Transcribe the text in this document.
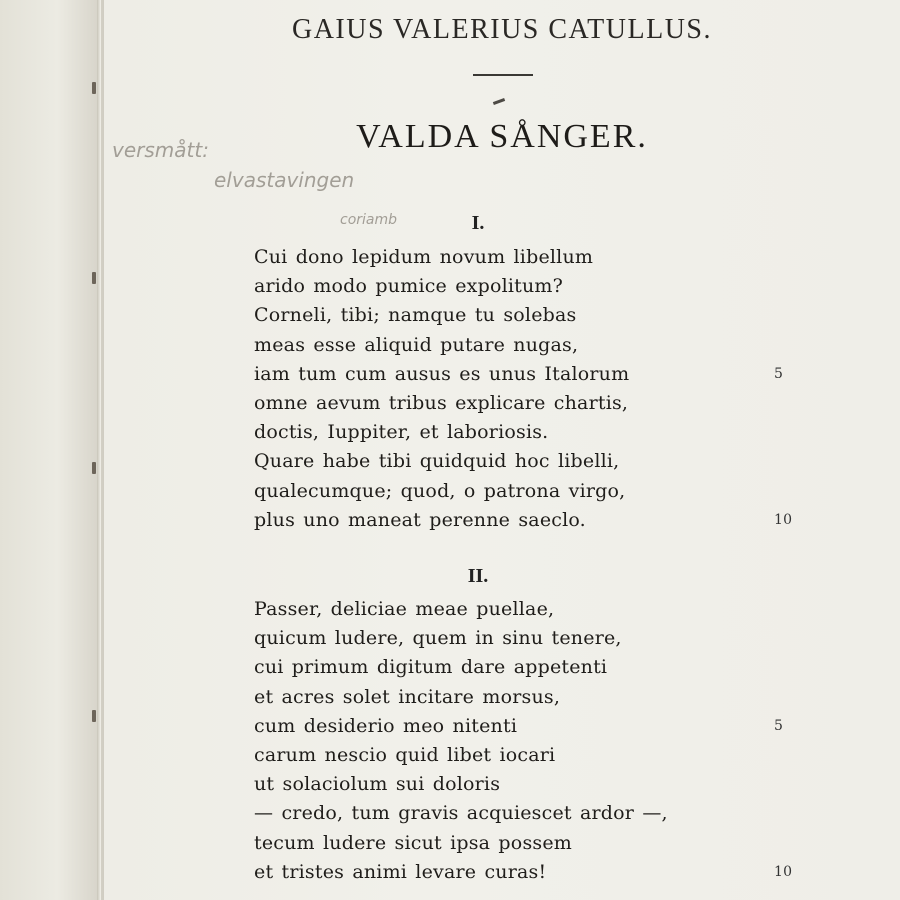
GAIUS VALERIUS CATULLUS.
VALDA SÅNGER.
versmått:
elvastavingen
coriamb	I.
Cui dono lepidum novum libellum
arido modo pumice expolitum?
Corneli, tibi; namque tu solebas
meas esse aliquid putare nugas,
iam tum cum ausus es unus Italorum	5
omne aevum tribus explicare chartis,
doctis, Iuppiter, et laboriosis.
Quare habe tibi quidquid hoc libelli,
qualecumque; quod, o patrona virgo,
plus uno maneat perenne saeclo.	10
II.
Passer, deliciae meae puellae,
quicum ludere, quem in sinu tenere,
cui primum digitum dare appetenti
et acres solet incitare morsus,
cum desiderio meo nitenti	5
carum nescio quid libet iocari
ut solaciolum sui doloris
— credo, tum gravis acquiescet ardor —,
tecum ludere sicut ipsa possem
et tristes animi levare curas!	10
